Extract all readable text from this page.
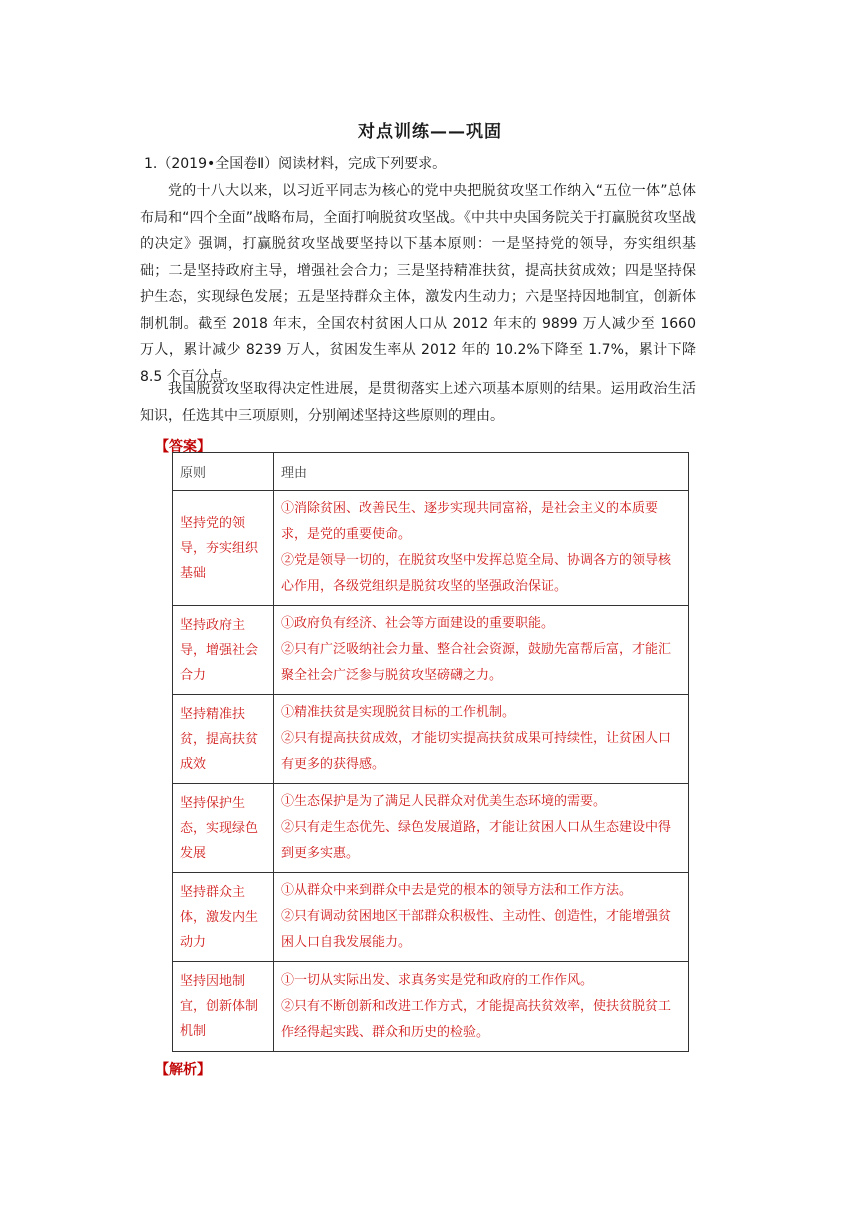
对点训练——巩固
1.（2019•全国卷Ⅱ）阅读材料，完成下列要求。
党的十八大以来，以习近平同志为核心的党中央把脱贫攻坚工作纳入“五位一体”总体布局和“四个全面”战略布局，全面打响脱贫攻坚战。《中共中央国务院关于打赢脱贫攻坚战的决定》强调，打赢脱贫攻坚战要坚持以下基本原则：一是坚持党的领导，夯实组织基础；二是坚持政府主导，增强社会合力；三是坚持精准扶贫，提高扶贫成效；四是坚持保护生态，实现绿色发展；五是坚持群众主体，激发内生动力；六是坚持因地制宜，创新体制机制。截至 2018 年末，全国农村贫困人口从 2012 年末的 9899 万人减少至 1660 万人，累计减少 8239 万人，贫困发生率从 2012 年的 10.2%下降至 1.7%，累计下降 8.5 个百分点。
我国脱贫攻坚取得决定性进展，是贯彻落实上述六项基本原则的结果。运用政治生活知识，任选其中三项原则，分别阐述坚持这些原则的理由。
【答案】
原则	理由
坚持党的领导，夯实组织基础	①消除贫困、改善民生、逐步实现共同富裕，是社会主义的本质要求，是党的重要使命。
②党是领导一切的，在脱贫攻坚中发挥总览全局、协调各方的领导核心作用，各级党组织是脱贫攻坚的坚强政治保证。

坚持政府主导，增强社会合力	①政府负有经济、社会等方面建设的重要职能。
②只有广泛吸纳社会力量、整合社会资源，鼓励先富帮后富，才能汇聚全社会广泛参与脱贫攻坚磅礴之力。

坚持精准扶贫，提高扶贫成效	①精准扶贫是实现脱贫目标的工作机制。
②只有提高扶贫成效，才能切实提高扶贫成果可持续性，让贫困人口有更多的获得感。

坚持保护生态，实现绿色发展	①生态保护是为了满足人民群众对优美生态环境的需要。
②只有走生态优先、绿色发展道路，才能让贫困人口从生态建设中得到更多实惠。

坚持群众主体，激发内生动力	①从群众中来到群众中去是党的根本的领导方法和工作方法。
②只有调动贫困地区干部群众积极性、主动性、创造性，才能增强贫困人口自我发展能力。

坚持因地制宜，创新体制机制	①一切从实际出发、求真务实是党和政府的工作作风。
②只有不断创新和改进工作方式，才能提高扶贫效率，使扶贫脱贫工作经得起实践、群众和历史的检验。
【解析】
